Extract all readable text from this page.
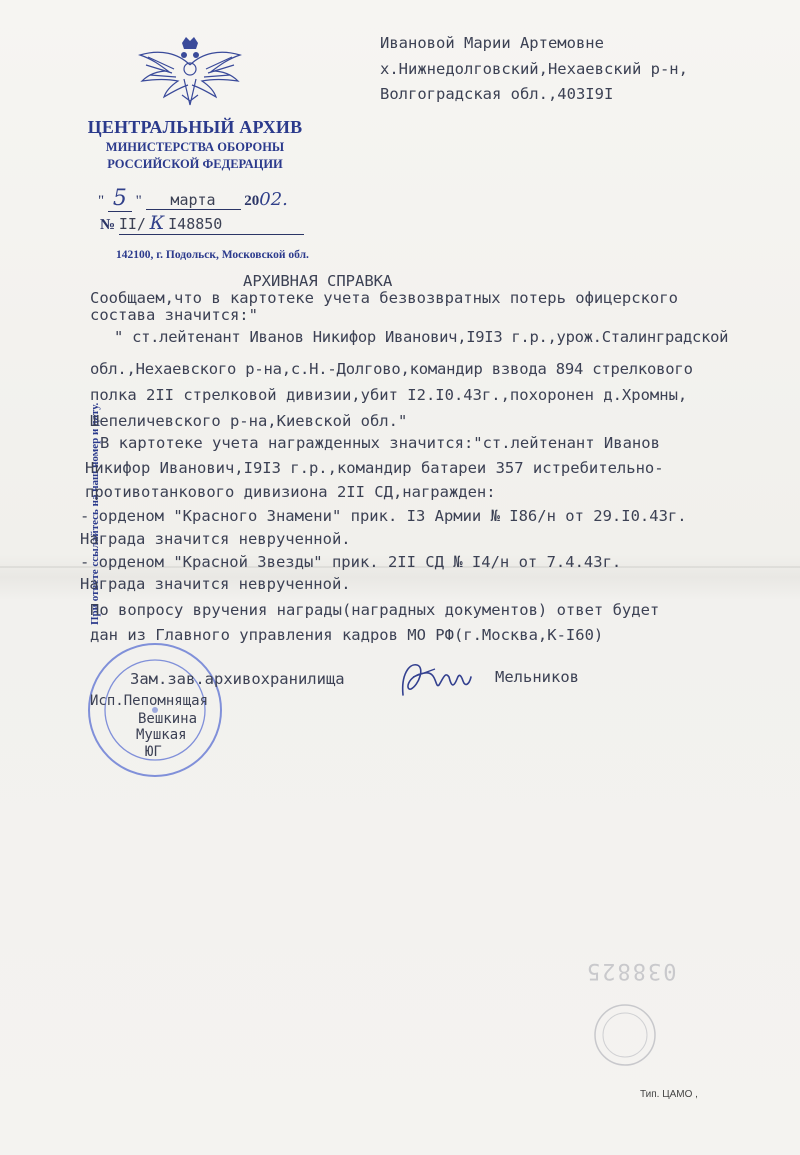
ЦЕНТРАЛЬНЫЙ АРХИВ
МИНИСТЕРСТВА ОБОРОНЫ
РОССИЙСКОЙ ФЕДЕРАЦИИ
Ивановой Марии Артемовне
х.Нижнедолговский,Нехаевский р-н,
Волгоградская обл.,403I9I
" 5 " марта 2002.
№ II/ К I48850
142100, г. Подольск, Московской обл.
При ответе ссылайтесь на наш номер и дату.
АРХИВНАЯ СПРАВКА
Сообщаем,что в картотеке учета безвозвратных потерь офицерского
состава значится:"
" ст.лейтенант Иванов Никифор Иванович,I9I3 г.р.,урож.Сталинградской
обл.,Нехаевского р-на,с.Н.-Долгово,командир взвода 894 стрелкового
полка 2II стрелковой дивизии,убит I2.I0.43г.,похоронен д.Хромны,
Шепеличевского р-на,Киевской обл."
В картотеке учета награжденных значится:"ст.лейтенант Иванов
Никифор Иванович,I9I3 г.р.,командир батареи 357 истребительно-
противотанкового дивизиона 2II СД,награжден:
- орденом "Красного Знамени" прик. I3 Армии № I86/н от 29.I0.43г.
Награда значится неврученной.
- орденом "Красной Звезды" прик. 2II СД № I4/н от 7.4.43г.
Награда значится неврученной.
По вопросу вручения награды(наградных документов) ответ будет
дан из Главного управления кадров МО РФ(г.Москва,К-I60)
Зам.зав.архивохранилища	Мельников
Исп.Пепомнящая
Вешкина
Мушкая
ЮГ
038825
Тип. ЦАМО ,
